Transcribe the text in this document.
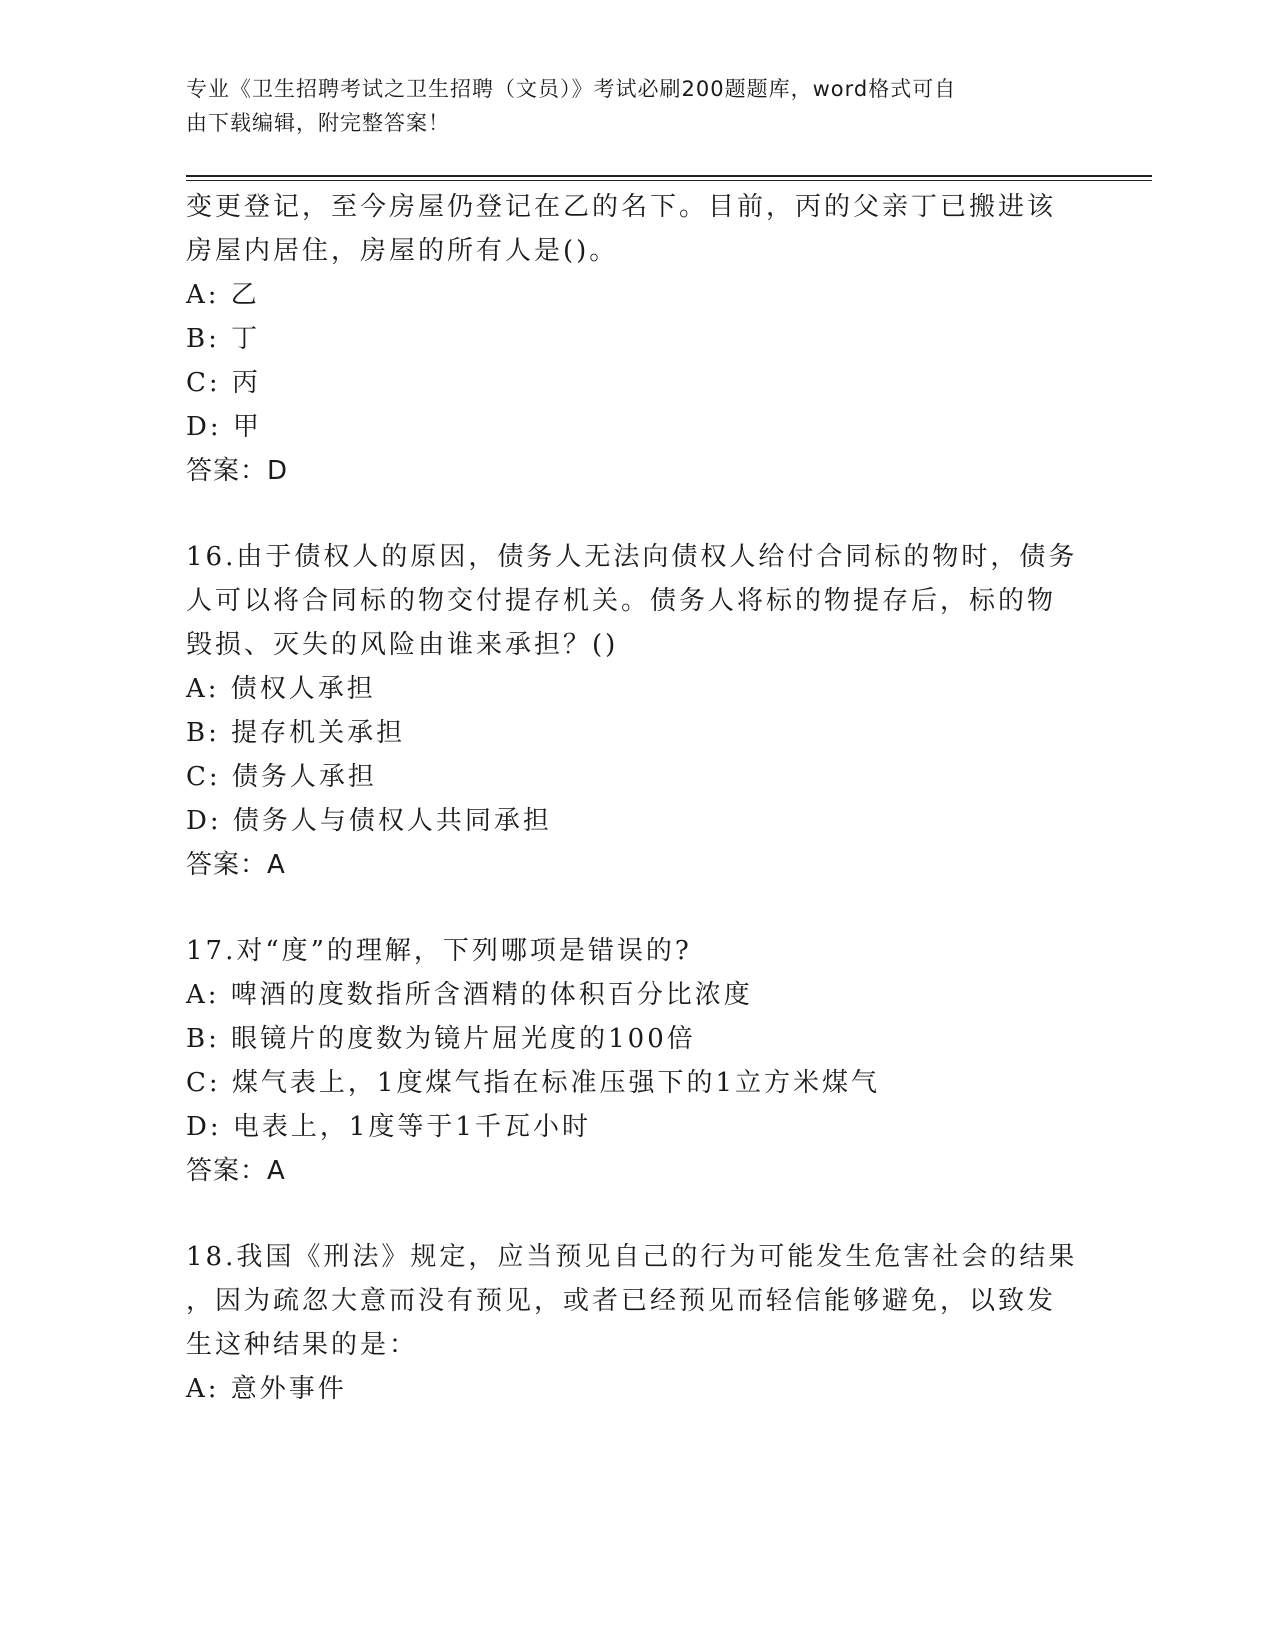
专业《卫生招聘考试之卫生招聘（文员）》考试必刷200题题库，word格式可自
由下载编辑，附完整答案！
变更登记，至今房屋仍登记在乙的名下。目前，丙的父亲丁已搬进该
房屋内居住，房屋的所有人是()。
A: 乙
B: 丁
C: 丙
D: 甲
答案：D
16.由于债权人的原因，债务人无法向债权人给付合同标的物时，债务
人可以将合同标的物交付提存机关。债务人将标的物提存后，标的物
毁损、灭失的风险由谁来承担？()
A: 债权人承担
B: 提存机关承担
C: 债务人承担
D: 债务人与债权人共同承担
答案：A
17.对“度”的理解，下列哪项是错误的?
A: 啤酒的度数指所含酒精的体积百分比浓度
B: 眼镜片的度数为镜片屈光度的100倍
C: 煤气表上，1度煤气指在标准压强下的1立方米煤气
D: 电表上，1度等于1千瓦小时
答案：A
18.我国《刑法》规定，应当预见自己的行为可能发生危害社会的结果
，因为疏忽大意而没有预见，或者已经预见而轻信能够避免，以致发
生这种结果的是：
A: 意外事件
